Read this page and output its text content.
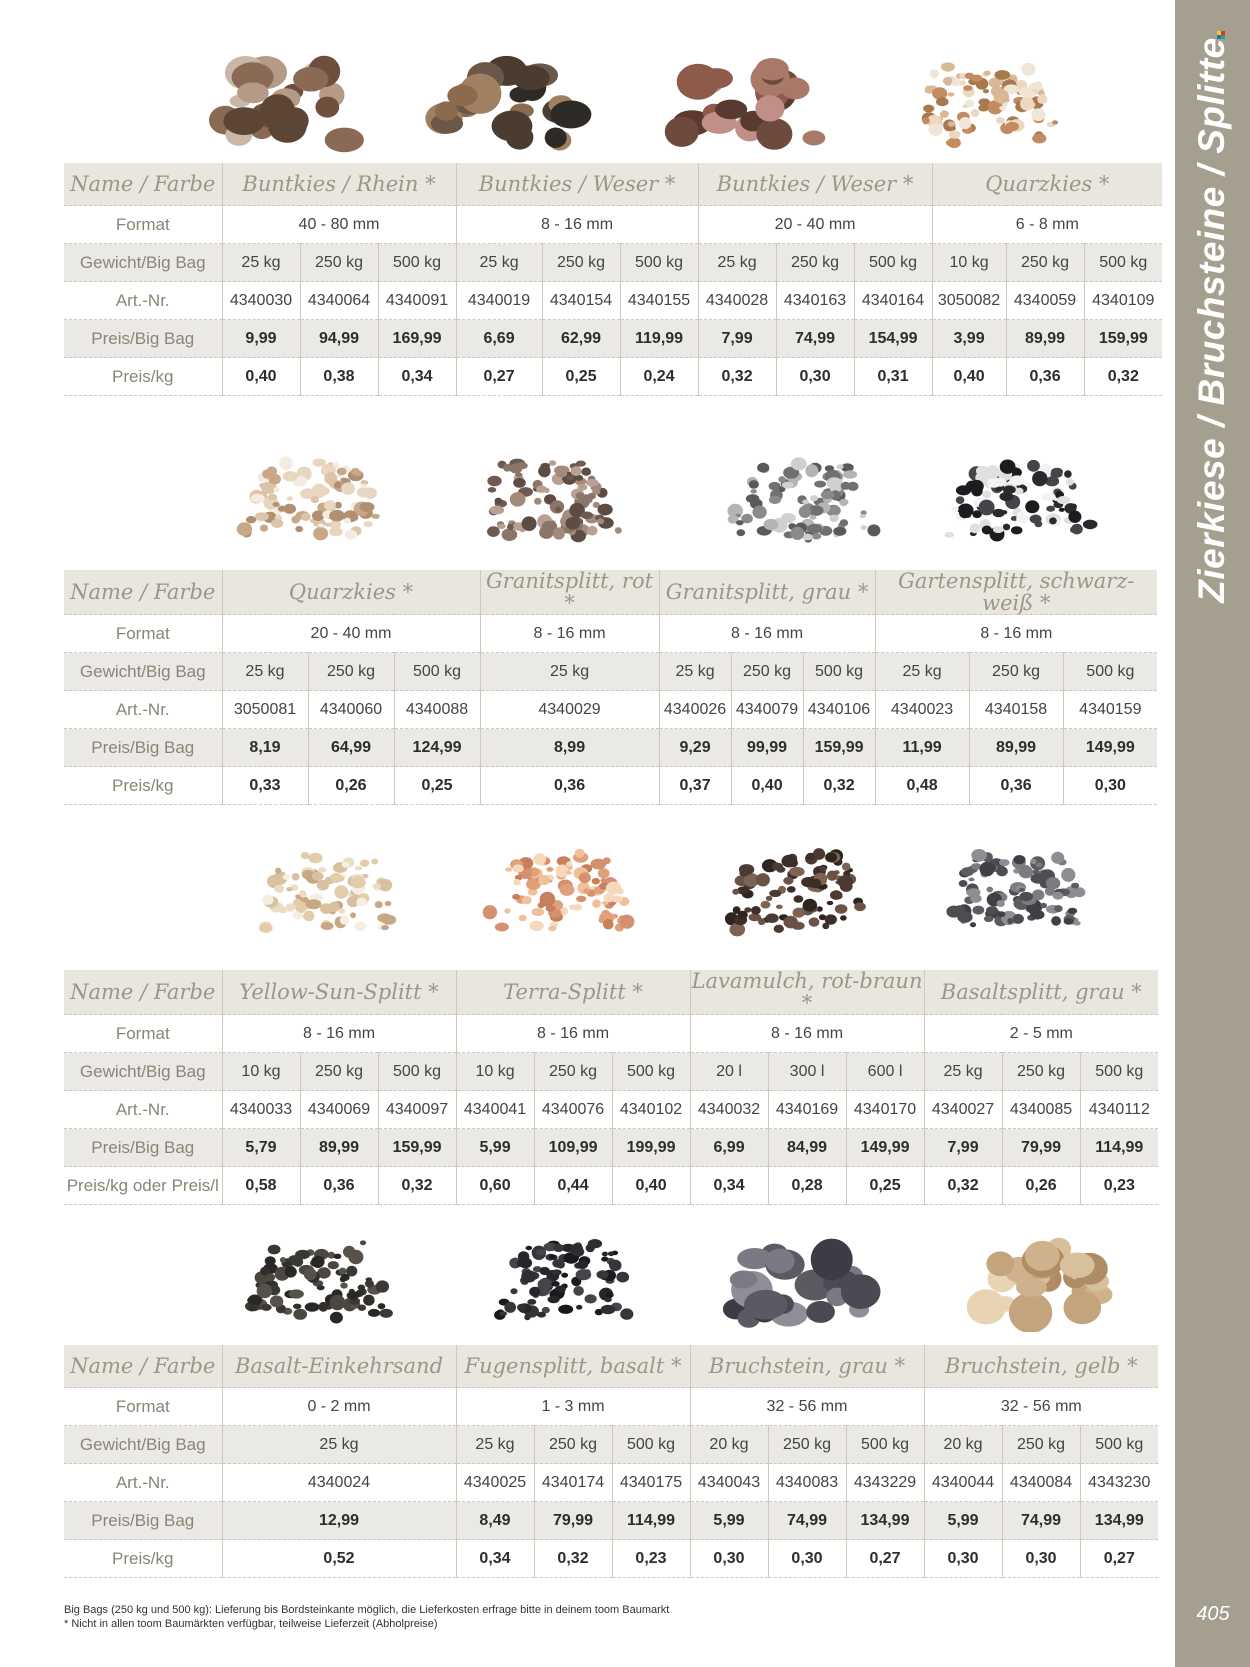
Zierkiese / Bruchsteine / Splitte
405
Name / Farbe	Buntkies / Rhein *			Buntkies / Weser *			Buntkies / Weser *			Quarzkies *		
Format	40 - 80 mm			8 - 16 mm			20 - 40 mm			6 - 8 mm		
Gewicht/Big Bag	25 kg	250 kg	500 kg	25 kg	250 kg	500 kg	25 kg	250 kg	500 kg	10 kg	250 kg	500 kg
Art.-Nr.	4340030	4340064	4340091	4340019	4340154	4340155	4340028	4340163	4340164	3050082	4340059	4340109
Preis/Big Bag	9,99	94,99	169,99	6,69	62,99	119,99	7,99	74,99	154,99	3,99	89,99	159,99
Preis/kg	0,40	0,38	0,34	0,27	0,25	0,24	0,32	0,30	0,31	0,40	0,36	0,32
Name / Farbe	Quarzkies *			Granitsplitt, rot *	Granitsplitt, grau *			Gartensplitt, schwarz-weiß *		
Format	20 - 40 mm			8 - 16 mm	8 - 16 mm			8 - 16 mm		
Gewicht/Big Bag	25 kg	250 kg	500 kg	25 kg	25 kg	250 kg	500 kg	25 kg	250 kg	500 kg
Art.-Nr.	3050081	4340060	4340088	4340029	4340026	4340079	4340106	4340023	4340158	4340159
Preis/Big Bag	8,19	64,99	124,99	8,99	9,29	99,99	159,99	11,99	89,99	149,99
Preis/kg	0,33	0,26	0,25	0,36	0,37	0,40	0,32	0,48	0,36	0,30
Name / Farbe	Yellow-Sun-Splitt *			Terra-Splitt *			Lavamulch, rot-braun *			Basaltsplitt, grau *		
Format	8 - 16 mm			8 - 16 mm			8 - 16 mm			2 - 5 mm		
Gewicht/Big Bag	10 kg	250 kg	500 kg	10 kg	250 kg	500 kg	20 l	300 l	600 l	25 kg	250 kg	500 kg
Art.-Nr.	4340033	4340069	4340097	4340041	4340076	4340102	4340032	4340169	4340170	4340027	4340085	4340112
Preis/Big Bag	5,79	89,99	159,99	5,99	109,99	199,99	6,99	84,99	149,99	7,99	79,99	114,99
Preis/kg oder Preis/l	0,58	0,36	0,32	0,60	0,44	0,40	0,34	0,28	0,25	0,32	0,26	0,23
Name / Farbe	Basalt-Einkehrsand	Fugensplitt, basalt *			Bruchstein, grau *			Bruchstein, gelb *		
Format	0 - 2 mm	1 - 3 mm			32 - 56 mm			32 - 56 mm		
Gewicht/Big Bag	25 kg	25 kg	250 kg	500 kg	20 kg	250 kg	500 kg	20 kg	250 kg	500 kg
Art.-Nr.	4340024	4340025	4340174	4340175	4340043	4340083	4343229	4340044	4340084	4343230
Preis/Big Bag	12,99	8,49	79,99	114,99	5,99	74,99	134,99	5,99	74,99	134,99
Preis/kg	0,52	0,34	0,32	0,23	0,30	0,30	0,27	0,30	0,30	0,27
Big Bags (250 kg und 500 kg): Lieferung bis Bordsteinkante möglich, die Lieferkosten erfrage bitte in deinem toom Baumarkt
* Nicht in allen toom Baumärkten verfügbar, teilweise Lieferzeit (Abholpreise)
